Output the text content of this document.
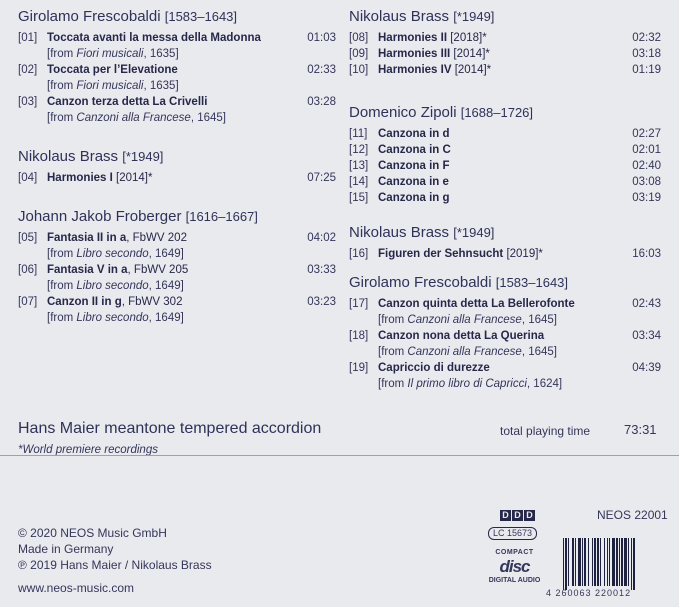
Girolamo Frescobaldi [1583–1643]
[01] Toccata avanti la messa della Madonna	01:03
[from Fiori musicali, 1635]
[02] Toccata per l’Elevatione	02:33
[from Fiori musicali, 1635]
[03] Canzon terza detta La Crivelli	03:28
[from Canzoni alla Francese, 1645]
Nikolaus Brass [*1949]
[04] Harmonies I [2014]*	07:25
Johann Jakob Froberger [1616–1667]
[05] Fantasia II in a, FbWV 202	04:02
[from Libro secondo, 1649]
[06] Fantasia V in a, FbWV 205	03:33
[from Libro secondo, 1649]
[07] Canzon II in g, FbWV 302	03:23
[from Libro secondo, 1649]
Nikolaus Brass [*1949]
[08] Harmonies II [2018]*	02:32
[09] Harmonies III [2014]*	03:18
[10] Harmonies IV [2014]*	01:19
Domenico Zipoli [1688–1726]
[11] Canzona in d	02:27
[12] Canzona in C	02:01
[13] Canzona in F	02:40
[14] Canzona in e	03:08
[15] Canzona in g	03:19
Nikolaus Brass [*1949]
[16] Figuren der Sehnsucht [2019]*	16:03
Girolamo Frescobaldi [1583–1643]
[17] Canzon quinta detta La Bellerofonte	02:43
[from Canzoni alla Francese, 1645]
[18] Canzon nona detta La Querina	03:34
[from Canzoni alla Francese, 1645]
[19] Capriccio di durezze	04:39
[from Il primo libro di Capricci, 1624]
Hans Maier meantone tempered accordion
*World premiere recordings
total playing time	73:31
© 2020 NEOS Music GmbH
Made in Germany
℗ 2019 Hans Maier / Nikolaus Brass
www.neos-music.com
D D D
LC 15673
COMPACT
disc
DIGITAL AUDIO
NEOS 22001
4 260063 220012
